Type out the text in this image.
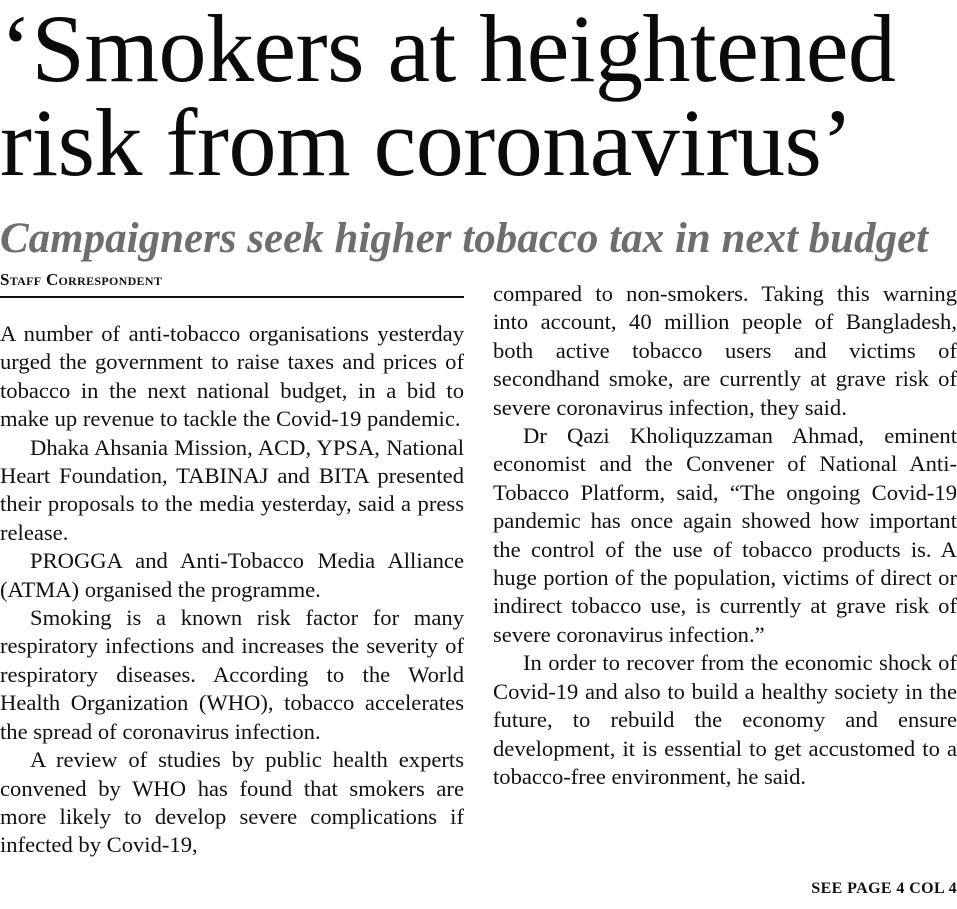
‘Smokers at heightened
risk from coronavirus’
Campaigners seek higher tobacco tax in next budget
Staff Correspondent

A number of anti-tobacco organisations yesterday urged the government to raise taxes and prices of tobacco in the next national budget, in a bid to make up revenue to tackle the Covid-19 pandemic.

Dhaka Ahsania Mission, ACD, YPSA, National Heart Foundation, TABINAJ and BITA presented their proposals to the media yesterday, said a press release.

PROGGA and Anti-Tobacco Media Alliance (ATMA) organised the programme.

Smoking is a known risk factor for many respiratory infections and increases the severity of respiratory diseases. According to the World Health Organization (WHO), tobacco accelerates the spread of coronavirus infection.

A review of studies by public health experts convened by WHO has found that smokers are more likely to develop severe complications if infected by Covid-19,

compared to non-smokers. Taking this warning into account, 40 million people of Bangladesh, both active tobacco users and victims of secondhand smoke, are currently at grave risk of severe coronavirus infection, they said.

Dr Qazi Kholiquzzaman Ahmad, eminent economist and the Convener of National Anti-Tobacco Platform, said, “The ongoing Covid-19 pandemic has once again showed how important the control of the use of tobacco products is. A huge portion of the population, victims of direct or indirect tobacco use, is currently at grave risk of severe coronavirus infection.”

In order to recover from the economic shock of Covid-19 and also to build a healthy society in the future, to rebuild the economy and ensure development, it is essential to get accustomed to a tobacco-free environment, he said.

SEE PAGE 4 COL 4
